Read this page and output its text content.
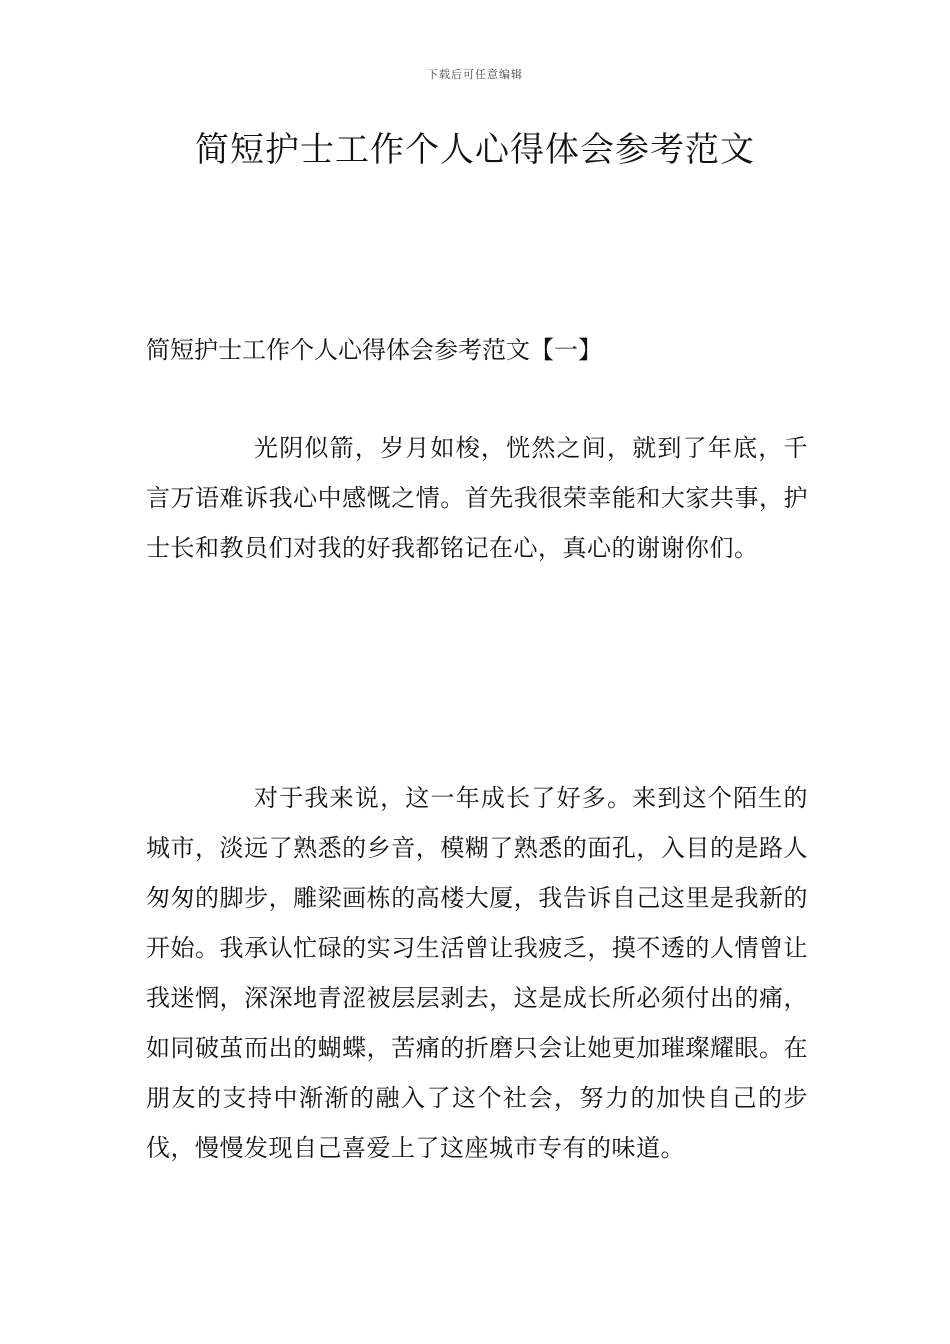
下载后可任意编辑
简短护士工作个人心得体会参考范文
简短护士工作个人心得体会参考范文【一】

光阴似箭，岁月如梭，恍然之间，就到了年底，千言万语难诉我心中感慨之情。首先我很荣幸能和大家共事，护士长和教员们对我的好我都铭记在心，真心的谢谢你们。

对于我来说，这一年成长了好多。来到这个陌生的城市，淡远了熟悉的乡音，模糊了熟悉的面孔，入目的是路人匆匆的脚步，雕梁画栋的高楼大厦，我告诉自己这里是我新的开始。我承认忙碌的实习生活曾让我疲乏，摸不透的人情曾让我迷惘，深深地青涩被层层剥去，这是成长所必须付出的痛，如同破茧而出的蝴蝶，苦痛的折磨只会让她更加璀璨耀眼。在朋友的支持中渐渐的融入了这个社会，努力的加快自己的步伐，慢慢发现自己喜爱上了这座城市专有的味道。
